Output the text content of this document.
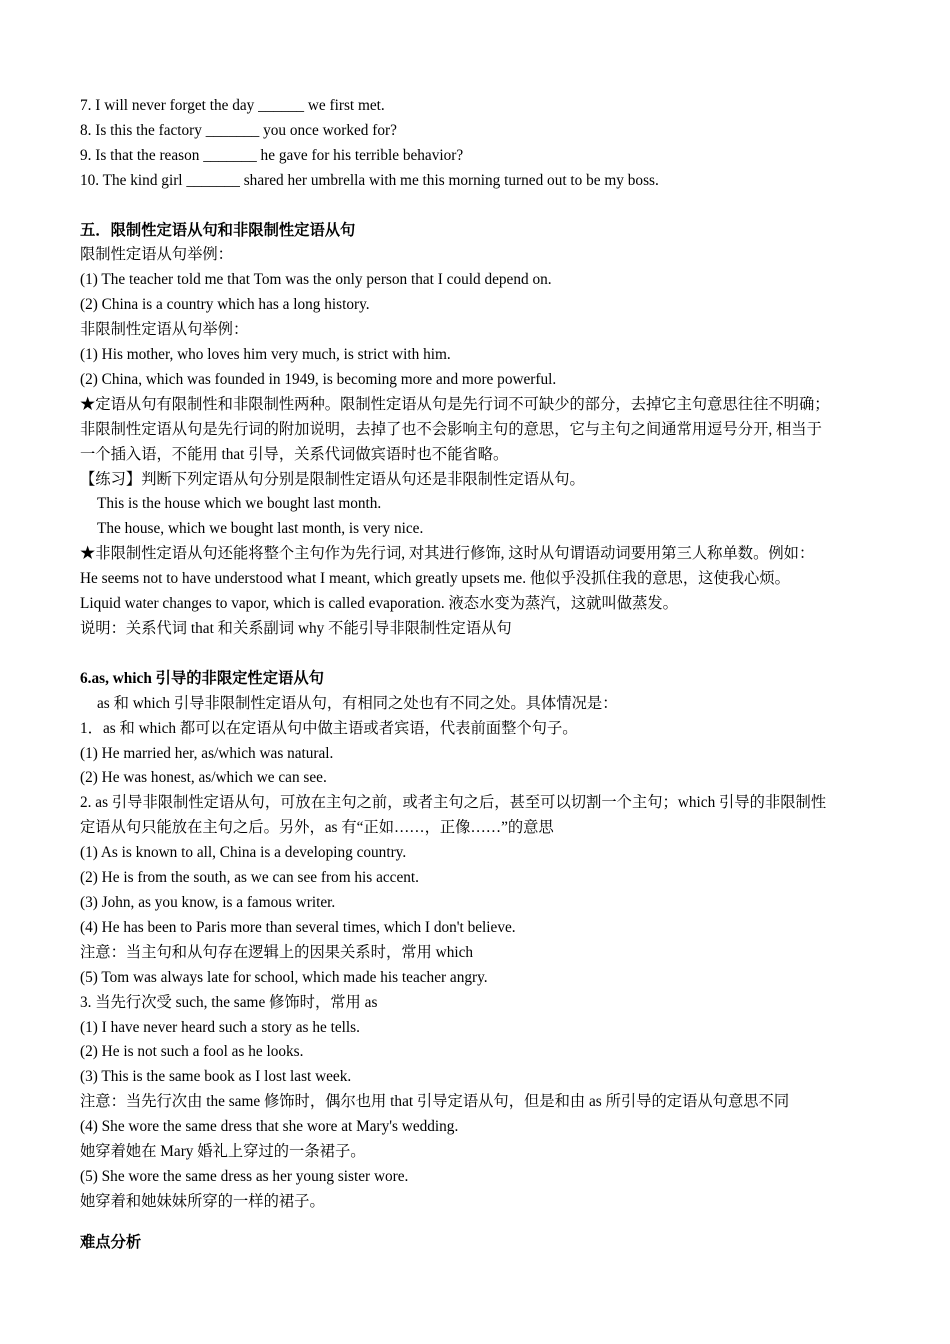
7. I will never forget the day ______ we first met.
8. Is this the factory _______ you once worked for?
9. Is that the reason _______ he gave for his terrible behavior?
10. The kind girl _______ shared her umbrella with me this morning turned out to be my boss.
五．限制性定语从句和非限制性定语从句
限制性定语从句举例：
(1) The teacher told me that Tom was the only person that I could depend on.
(2) China is a country which has a long history.
非限制性定语从句举例：
(1) His mother, who loves him very much, is strict with him.
(2) China, which was founded in 1949, is becoming more and more powerful.
★定语从句有限制性和非限制性两种。限制性定语从句是先行词不可缺少的部分，去掉它主句意思往往不明确；
非限制性定语从句是先行词的附加说明，去掉了也不会影响主句的意思，它与主句之间通常用逗号分开, 相当于
一个插入语，不能用 that 引导，关系代词做宾语时也不能省略。
【练习】判断下列定语从句分别是限制性定语从句还是非限制性定语从句。
This is the house which we bought last month.
The house, which we bought last month, is very nice.
★非限制性定语从句还能将整个主句作为先行词, 对其进行修饰, 这时从句谓语动词要用第三人称单数。例如：
He seems not to have understood what I meant, which greatly upsets me. 他似乎没抓住我的意思，这使我心烦。
Liquid water changes to vapor, which is called evaporation. 液态水变为蒸汽，这就叫做蒸发。
说明：关系代词 that 和关系副词 why 不能引导非限制性定语从句
6.as, which 引导的非限定性定语从句
as 和 which 引导非限制性定语从句，有相同之处也有不同之处。具体情况是：
1．as 和 which 都可以在定语从句中做主语或者宾语，代表前面整个句子。
(1) He married her, as/which was natural.
(2) He was honest, as/which we can see.
2. as 引导非限制性定语从句，可放在主句之前，或者主句之后，甚至可以切割一个主句；which 引导的非限制性
定语从句只能放在主句之后。另外，as 有“正如……，正像……”的意思
(1) As is known to all, China is a developing country.
(2) He is from the south, as we can see from his accent.
(3) John, as you know, is a famous writer.
(4) He has been to Paris more than several times, which I don't believe.
注意：当主句和从句存在逻辑上的因果关系时，常用 which
(5) Tom was always late for school, which made his teacher angry.
3. 当先行次受 such, the same 修饰时，常用 as
(1) I have never heard such a story as he tells.
(2) He is not such a fool as he looks.
(3) This is the same book as I lost last week.
注意：当先行次由 the same 修饰时，偶尔也用 that 引导定语从句，但是和由 as 所引导的定语从句意思不同
(4) She wore the same dress that she wore at Mary's wedding.
她穿着她在 Mary 婚礼上穿过的一条裙子。
(5) She wore the same dress as her young sister wore.
她穿着和她妹妹所穿的一样的裙子。
难点分析
